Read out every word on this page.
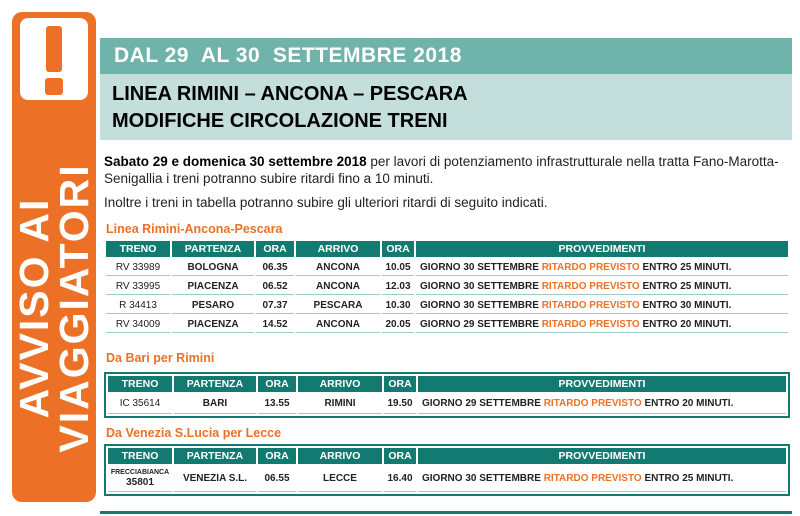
AVVISO AI
VIAGGIATORI
DAL 29  AL 30  SETTEMBRE 2018
LINEA RIMINI – ANCONA – PESCARA
MODIFICHE CIRCOLAZIONE TRENI
Sabato 29 e domenica 30 settembre 2018 per lavori di potenziamento infrastrutturale nella tratta Fano-Marotta-Senigallia i treni potranno subire ritardi fino a 10 minuti.
Inoltre i treni in tabella potranno subire gli ulteriori ritardi di seguito indicati.
Linea Rimini-Ancona-Pescara
TRENO	PARTENZA	ORA	ARRIVO	ORA	PROVVEDIMENTI
RV 33989	BOLOGNA	06.35	ANCONA	10.05	GIORNO 30 SETTEMBRE RITARDO PREVISTO ENTRO 25 MINUTI.
RV 33995	PIACENZA	06.52	ANCONA	12.03	GIORNO 30 SETTEMBRE RITARDO PREVISTO ENTRO 25 MINUTI.
R 34413	PESARO	07.37	PESCARA	10.30	GIORNO 30 SETTEMBRE RITARDO PREVISTO ENTRO 30 MINUTI.
RV 34009	PIACENZA	14.52	ANCONA	20.05	GIORNO 29 SETTEMBRE RITARDO PREVISTO ENTRO 20 MINUTI.
Da Bari per Rimini
TRENO	PARTENZA	ORA	ARRIVO	ORA	PROVVEDIMENTI
IC 35614	BARI	13.55	RIMINI	19.50	GIORNO 29 SETTEMBRE RITARDO PREVISTO ENTRO 20 MINUTI.
Da Venezia S.Lucia per Lecce
TRENO	PARTENZA	ORA	ARRIVO	ORA	PROVVEDIMENTI

FRECCIABIANCA
35801	VENEZIA S.L.	06.55	LECCE	16.40	GIORNO 30 SETTEMBRE RITARDO PREVISTO ENTRO 25 MINUTI.
